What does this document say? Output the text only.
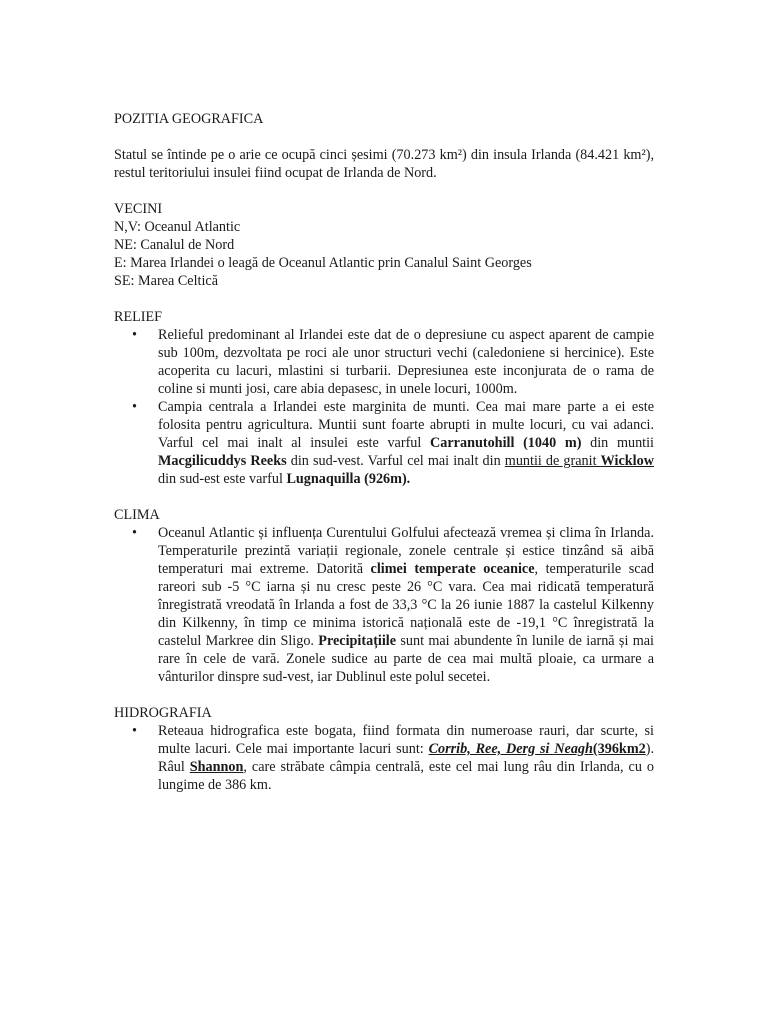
POZITIA GEOGRAFICA

Statul se întinde pe o arie ce ocupă cinci șesimi (70.273 km²) din insula Irlanda (84.421 km²), restul teritoriului insulei fiind ocupat de Irlanda de Nord.

VECINI

N,V: Oceanul Atlantic

NE: Canalul de Nord

E: Marea Irlandei o leagă de Oceanul Atlantic prin Canalul Saint Georges

SE: Marea Celtică

RELIEF

• Relieful predominant al Irlandei este dat de o depresiune cu aspect aparent de campie sub 100m, dezvoltata pe roci ale unor structuri vechi (caledoniene si hercinice). Este acoperita cu lacuri, mlastini si turbarii. Depresiunea este inconjurata de o rama de coline si munti josi, care abia depasesc, in unele locuri, 1000m.
• Campia centrala a Irlandei este marginita de munti. Cea mai mare parte a ei este folosita pentru agricultura. Muntii sunt foarte abrupti in multe locuri, cu vai adanci. Varful cel mai inalt al insulei este varful Carranutohill (1040 m) din muntii Macgilicuddys Reeks din sud-vest. Varful cel mai inalt din muntii de granit Wicklow din sud-est este varful Lugnaquilla (926m).

CLIMA

• Oceanul Atlantic și influența Curentului Golfului afectează vremea și clima în Irlanda. Temperaturile prezintă variații regionale, zonele centrale și estice tinzând să aibă temperaturi mai extreme. Datorită climei temperate oceanice, temperaturile scad rareori sub -5 °C iarna și nu cresc peste 26 °C vara. Cea mai ridicată temperatură înregistrată vreodată în Irlanda a fost de 33,3 °C la 26 iunie 1887 la castelul Kilkenny din Kilkenny, în timp ce minima istorică națională este de -19,1 °C înregistrată la castelul Markree din Sligo. Precipitațiile sunt mai abundente în lunile de iarnă și mai rare în cele de vară. Zonele sudice au parte de cea mai multă ploaie, ca urmare a vânturilor dinspre sud-vest, iar Dublinul este polul secetei.

HIDROGRAFIA

• Reteaua hidrografica este bogata, fiind formata din numeroase rauri, dar scurte, si multe lacuri. Cele mai importante lacuri sunt: Corrib, Ree, Derg si Neagh(396km2). Râul Shannon, care străbate câmpia centrală, este cel mai lung râu din Irlanda, cu o lungime de 386 km.
